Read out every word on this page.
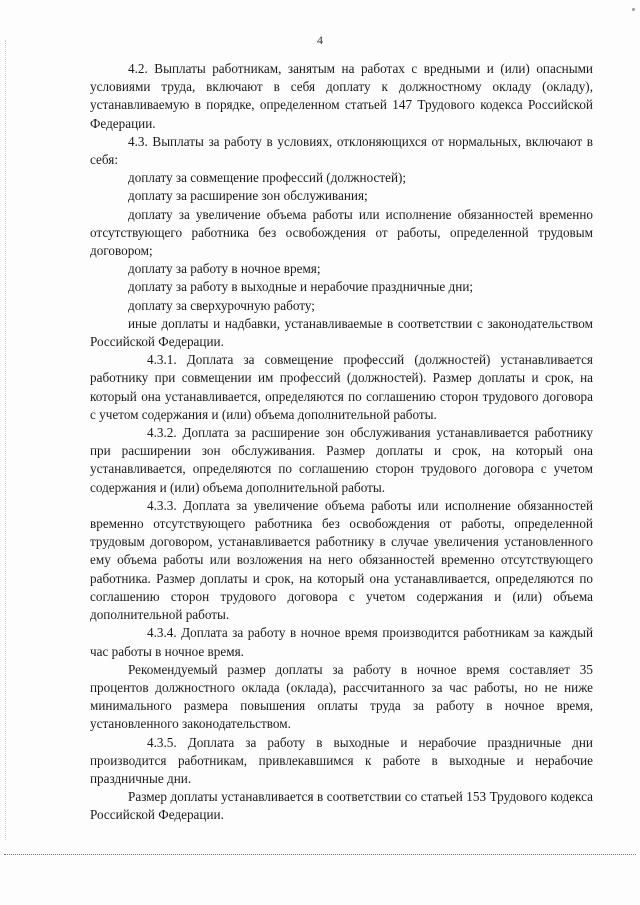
4

4.2. Выплаты работникам, занятым на работах с вредными и (или) опасными условиями труда, включают в себя доплату к должностному окладу (окладу), устанавливаемую в порядке, определенном статьей 147 Трудового кодекса Российской Федерации.

4.3. Выплаты за работу в условиях, отклоняющихся от нормальных, включают в себя:

доплату за совмещение профессий (должностей);

доплату за расширение зон обслуживания;

доплату за увеличение объема работы или исполнение обязанностей временно отсутствующего работника без освобождения от работы, определенной трудовым договором;

доплату за работу в ночное время;

доплату за работу в выходные и нерабочие праздничные дни;

доплату за сверхурочную работу;

иные доплаты и надбавки, устанавливаемые в соответствии с законодательством Российской Федерации.

4.3.1. Доплата за совмещение профессий (должностей) устанавливается работнику при совмещении им профессий (должностей). Размер доплаты и срок, на который она устанавливается, определяются по соглашению сторон трудового договора с учетом содержания и (или) объема дополнительной работы.

4.3.2. Доплата за расширение зон обслуживания устанавливается работнику при расширении зон обслуживания. Размер доплаты и срок, на который она устанавливается, определяются по соглашению сторон трудового договора с учетом содержания и (или) объема дополнительной работы.

4.3.3. Доплата за увеличение объема работы или исполнение обязанностей временно отсутствующего работника без освобождения от работы, определенной трудовым договором, устанавливается работнику в случае увеличения установленного ему объема работы или возложения на него обязанностей временно отсутствующего работника. Размер доплаты и срок, на который она устанавливается, определяются по соглашению сторон трудового договора с учетом содержания и (или) объема дополнительной работы.

4.3.4. Доплата за работу в ночное время производится работникам за каждый час работы в ночное время.

Рекомендуемый размер доплаты за работу в ночное время составляет 35 процентов должностного оклада (оклада), рассчитанного за час работы, но не ниже минимального размера повышения оплаты труда за работу в ночное время, установленного законодательством.

4.3.5. Доплата за работу в выходные и нерабочие праздничные дни производится работникам, привлекавшимся к работе в выходные и нерабочие праздничные дни.

Размер доплаты устанавливается в соответствии со статьей 153 Трудового кодекса Российской Федерации.
